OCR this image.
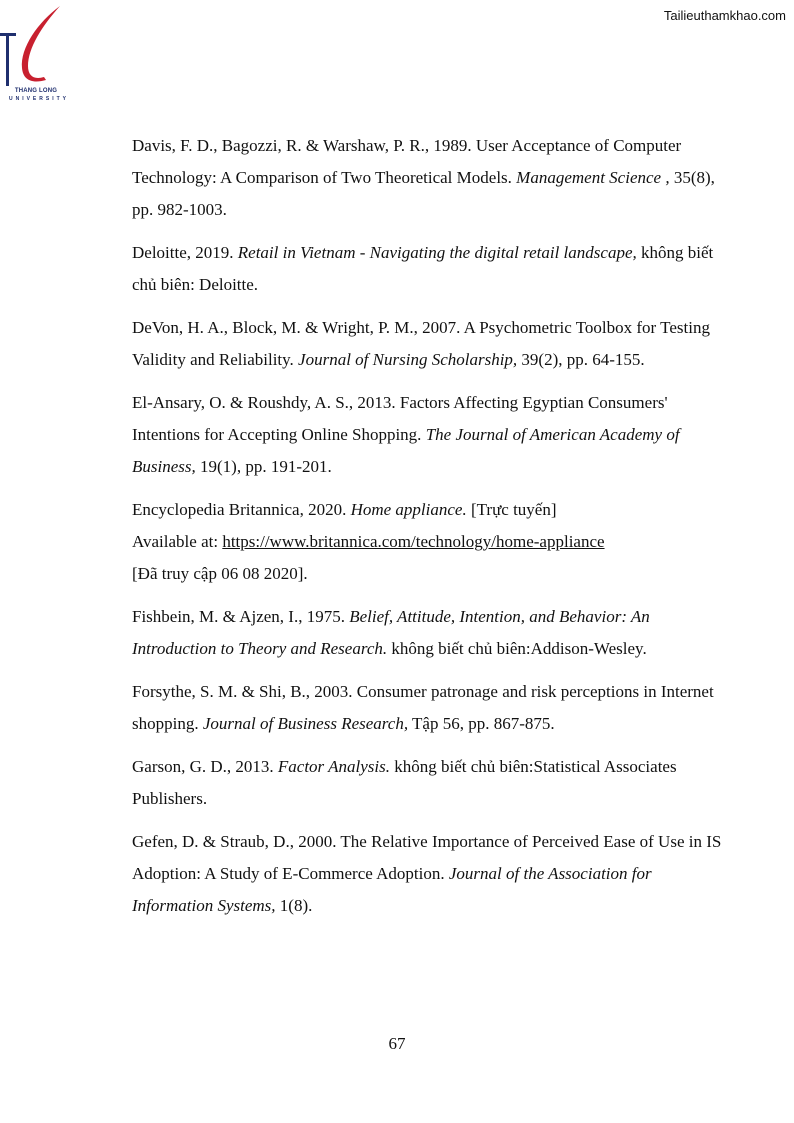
THANG LONG
UNIVERSITY
Tailieuthamkhao.com

Davis, F. D., Bagozzi, R. & Warshaw, P. R., 1989. User Acceptance of Computer Technology: A Comparison of Two Theoretical Models. Management Science , 35(8), pp. 982-1003.

Deloitte, 2019. Retail in Vietnam - Navigating the digital retail landscape, không biết chủ biên: Deloitte.

DeVon, H. A., Block, M. & Wright, P. M., 2007. A Psychometric Toolbox for Testing Validity and Reliability. Journal of Nursing Scholarship, 39(2), pp. 64-155.

El-Ansary, O. & Roushdy, A. S., 2013. Factors Affecting Egyptian Consumers' Intentions for Accepting Online Shopping. The Journal of American Academy of Business, 19(1), pp. 191-201.

Encyclopedia Britannica, 2020. Home appliance. [Trực tuyến]
Available at: https://www.britannica.com/technology/home-appliance
[Đã truy cập 06 08 2020].

Fishbein, M. & Ajzen, I., 1975. Belief, Attitude, Intention, and Behavior: An Introduction to Theory and Research. không biết chủ biên:Addison-Wesley.

Forsythe, S. M. & Shi, B., 2003. Consumer patronage and risk perceptions in Internet shopping. Journal of Business Research, Tập 56, pp. 867-875.

Garson, G. D., 2013. Factor Analysis. không biết chủ biên:Statistical Associates Publishers.

Gefen, D. & Straub, D., 2000. The Relative Importance of Perceived Ease of Use in IS Adoption: A Study of E-Commerce Adoption. Journal of the Association for Information Systems, 1(8).

67
